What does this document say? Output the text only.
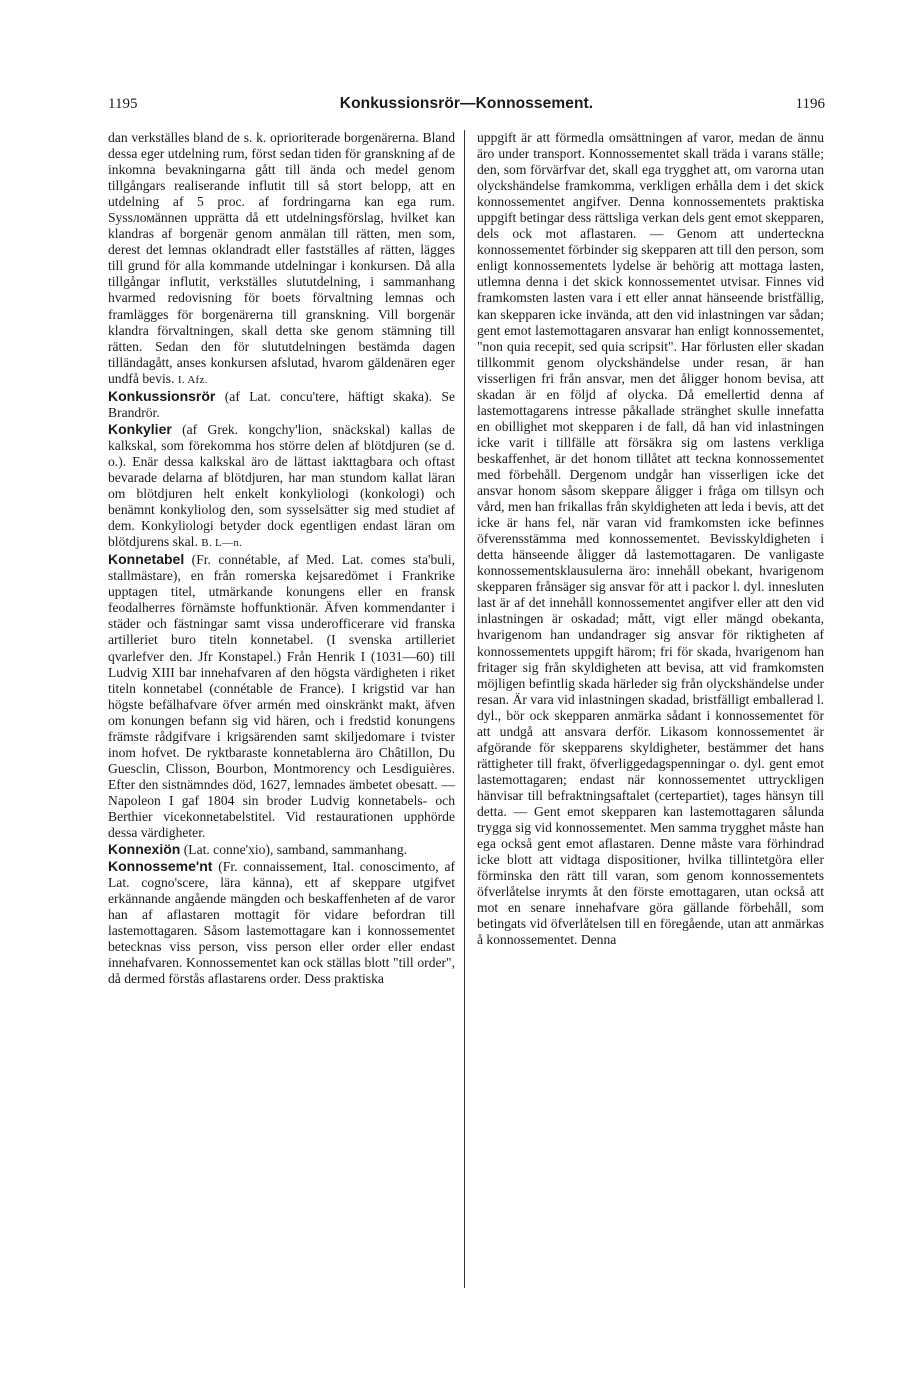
1195	Konkussionsrör—Konnossement.	1196

dan verkställes bland de s. k. oprioriterade borgenärerna. Bland dessa eger utdelning rum, först sedan tiden för granskning af de inkomna bevakningarna gått till ända och medel genom tillgångars realiserande influtit till så stort belopp, att en utdelning af 5 proc. af fordringarna kan ega rum. Syssломännen upprätta då ett utdelningsförslag, hvilket kan klandras af borgenär genom anmälan till rätten, men som, derest det lemnas oklandradt eller fastställes af rätten, lägges till grund för alla kommande utdelningar i konkursen. Då alla tillgångar influtit, verkställes slututdelning, i sammanhang hvarmed redovisning för boets förvaltning lemnas och framlägges för borgenärerna till granskning. Vill borgenär klandra förvaltningen, skall detta ske genom stämning till rätten. Sedan den för slututdelningen bestämda dagen tilländagått, anses konkursen afslutad, hvarom gäldenären eger undfå bevis. I. Afz.

Konkussionsrör (af Lat. concu'tere, häftigt skaka). Se Brandrör.

Konkylier (af Grek. kongchy'lion, snäckskal) kallas de kalkskal, som förekomma hos större delen af blötdjuren (se d. o.). Enär dessa kalkskal äro de lättast iakttagbara och oftast bevarade delarna af blötdjuren, har man stundom kallat läran om blötdjuren helt enkelt konkyliologi (konkologi) och benämnt konkyliolog den, som sysselsätter sig med studiet af dem. Konkyliologi betyder dock egentligen endast läran om blötdjurens skal. B. L—n.

Konnetabel (Fr. connétable, af Med. Lat. comes sta'buli, stallmästare), en från romerska kejsaredömet i Frankrike upptagen titel, utmärkande konungens eller en fransk feodalherres förnämste hoffunktionär. Äfven kommendanter i städer och fästningar samt vissa underofficerare vid franska artilleriet buro titeln konnetabel. (I svenska artilleriet qvarlefver den. Jfr Konstapel.) Från Henrik I (1031—60) till Ludvig XIII bar innehafvaren af den högsta värdigheten i riket titeln konnetabel (connétable de France). I krigstid var han högste befälhafvare öfver armén med oinskränkt makt, äfven om konungen befann sig vid hären, och i fredstid konungens främste rådgifvare i krigsärenden samt skiljedomare i tvister inom hofvet. De ryktbaraste konnetablerna äro Châtillon, Du Guesclin, Clisson, Bourbon, Montmorency och Lesdiguières. Efter den sistnämndes död, 1627, lemnades ämbetet obesatt. — Napoleon I gaf 1804 sin broder Ludvig konnetabels- och Berthier vicekonnetabelstitel. Vid restaurationen upphörde dessa värdigheter.

Konnexiön (Lat. conne'xio), samband, sammanhang.

Konnosseme'nt (Fr. connaissement, Ital. conoscimento, af Lat. cogno'scere, lära känna), ett af skeppare utgifvet erkännande angående mängden och beskaffenheten af de varor han af aflastaren mottagit för vidare befordran till lastemottagaren. Såsom lastemottagare kan i konnossementet betecknas viss person, viss person eller order eller endast innehafvaren. Konnossementet kan ock ställas blott "till order", då dermed förstås aflastarens order. Dess praktiska

uppgift är att förmedla omsättningen af varor, medan de ännu äro under transport. Konnossementet skall träda i varans ställe; den, som förvärfvar det, skall ega trygghet att, om varorna utan olyckshändelse framkomma, verkligen erhålla dem i det skick konnossementet angifver. Denna konnossementets praktiska uppgift betingar dess rättsliga verkan dels gent emot skepparen, dels ock mot aflastaren. — Genom att underteckna konnossementet förbinder sig skepparen att till den person, som enligt konnossementets lydelse är behörig att mottaga lasten, utlemna denna i det skick konnossementet utvisar. Finnes vid framkomsten lasten vara i ett eller annat hänseende bristfällig, kan skepparen icke invända, att den vid inlastningen var sådan; gent emot lastemottagaren ansvarar han enligt konnossementet, "non quia recepit, sed quia scripsit". Har förlusten eller skadan tillkommit genom olyckshändelse under resan, är han visserligen fri från ansvar, men det åligger honom bevisa, att skadan är en följd af olycka. Då emellertid denna af lastemottagarens intresse påkallade stränghet skulle innefatta en obillighet mot skepparen i de fall, då han vid inlastningen icke varit i tillfälle att försäkra sig om lastens verkliga beskaffenhet, är det honom tillåtet att teckna konnossementet med förbehåll. Dergenom undgår han visserligen icke det ansvar honom såsom skeppare åligger i fråga om tillsyn och vård, men han frikallas från skyldigheten att leda i bevis, att det icke är hans fel, när varan vid framkomsten icke befinnes öfverensstämma med konnossementet. Bevisskyldigheten i detta hänseende åligger då lastemottagaren. De vanligaste konnossementsklausulerna äro: innehåll obekant, hvarigenom skepparen frånsäger sig ansvar för att i packor l. dyl. innesluten last är af det innehåll konnossementet angifver eller att den vid inlastningen är oskadad; mått, vigt eller mängd obekanta, hvarigenom han undandrager sig ansvar för riktigheten af konnossementets uppgift härom; fri för skada, hvarigenom han fritager sig från skyldigheten att bevisa, att vid framkomsten möjligen befintlig skada härleder sig från olyckshändelse under resan. Är vara vid inlastningen skadad, bristfälligt emballerad l. dyl., bör ock skepparen anmärka sådant i konnossementet för att undgå att ansvara derför. Likasom konnossementet är afgörande för skepparens skyldigheter, bestämmer det hans rättigheter till frakt, öfverliggedagspenningar o. dyl. gent emot lastemottagaren; endast när konnossementet uttryckligen hänvisar till befraktningsaftalet (certepartiet), tages hänsyn till detta. — Gent emot skepparen kan lastemottagaren sålunda trygga sig vid konnossementet. Men samma trygghet måste han ega också gent emot aflastaren. Denne måste vara förhindrad icke blott att vidtaga dispositioner, hvilka tillintetgöra eller förminska den rätt till varan, som genom konnossementets öfverlåtelse inrymts åt den förste emottagaren, utan också att mot en senare innehafvare göra gällande förbehåll, som betingats vid öfverlåtelsen till en föregående, utan att anmärkas å konnossementet. Denna
